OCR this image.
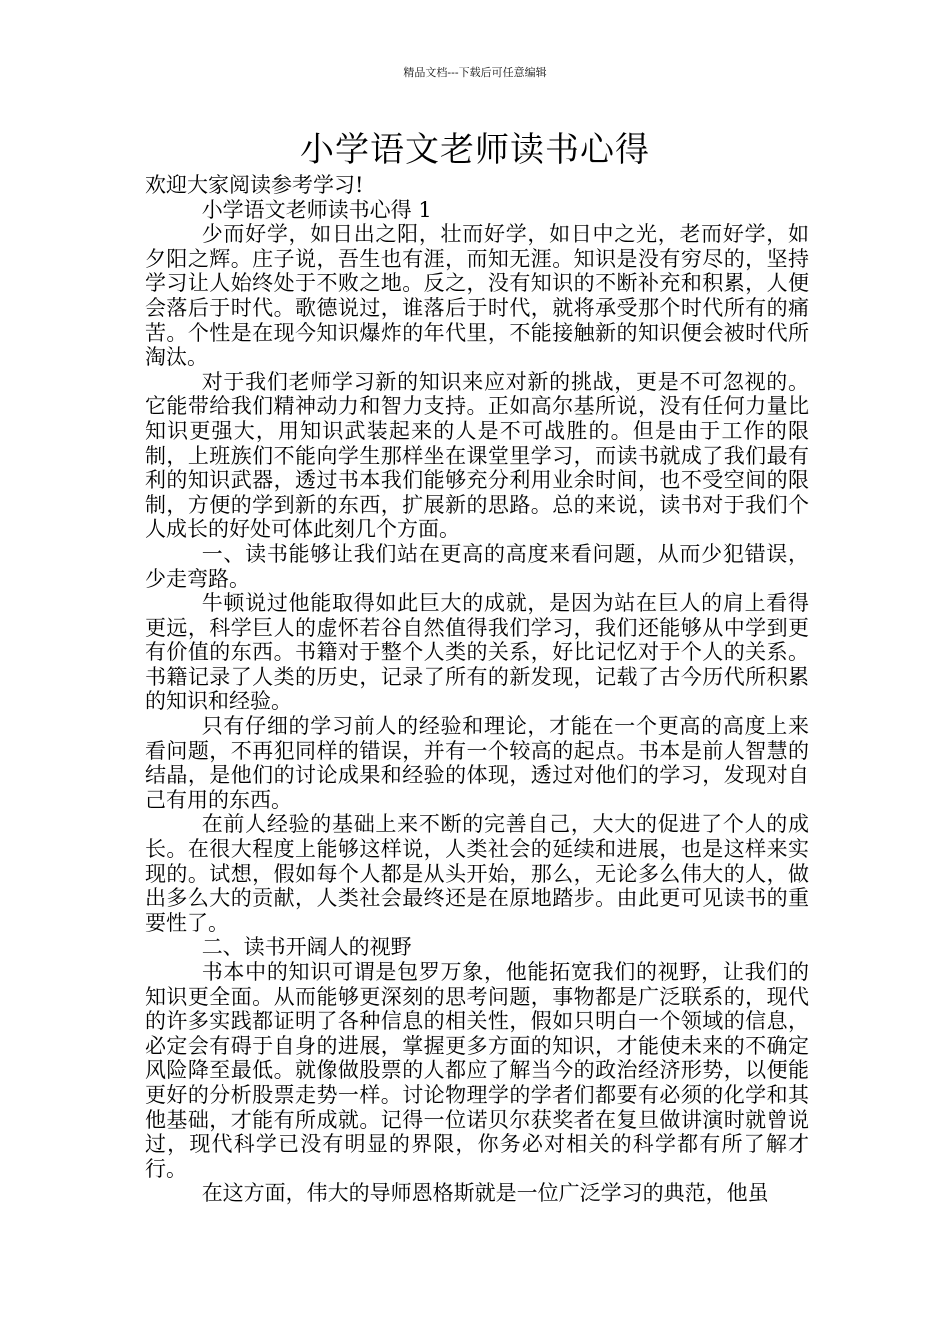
精品文档---下载后可任意编辑
小学语文老师读书心得

欢迎大家阅读参考学习!

小学语文老师读书心得 1

少而好学，如日出之阳，壮而好学，如日中之光，老而好学，如夕阳之辉。庄子说，吾生也有涯，而知无涯。知识是没有穷尽的，坚持学习让人始终处于不败之地。反之，没有知识的不断补充和积累，人便会落后于时代。歌德说过，谁落后于时代，就将承受那个时代所有的痛苦。个性是在现今知识爆炸的年代里，不能接触新的知识便会被时代所淘汰。

对于我们老师学习新的知识来应对新的挑战，更是不可忽视的。它能带给我们精神动力和智力支持。正如高尔基所说，没有任何力量比知识更强大，用知识武装起来的人是不可战胜的。但是由于工作的限制，上班族们不能向学生那样坐在课堂里学习，而读书就成了我们最有利的知识武器，透过书本我们能够充分利用业余时间，也不受空间的限制，方便的学到新的东西，扩展新的思路。总的来说，读书对于我们个人成长的好处可体此刻几个方面。

一、读书能够让我们站在更高的高度来看问题，从而少犯错误，少走弯路。

牛顿说过他能取得如此巨大的成就，是因为站在巨人的肩上看得更远，科学巨人的虚怀若谷自然值得我们学习，我们还能够从中学到更有价值的东西。书籍对于整个人类的关系，好比记忆对于个人的关系。书籍记录了人类的历史，记录了所有的新发现，记载了古今历代所积累的知识和经验。

只有仔细的学习前人的经验和理论，才能在一个更高的高度上来看问题，不再犯同样的错误，并有一个较高的起点。书本是前人智慧的结晶，是他们的讨论成果和经验的体现，透过对他们的学习，发现对自己有用的东西。

在前人经验的基础上来不断的完善自己，大大的促进了个人的成长。在很大程度上能够这样说，人类社会的延续和进展，也是这样来实现的。试想，假如每个人都是从头开始，那么，无论多么伟大的人，做出多么大的贡献，人类社会最终还是在原地踏步。由此更可见读书的重要性了。

二、读书开阔人的视野

书本中的知识可谓是包罗万象，他能拓宽我们的视野，让我们的知识更全面。从而能够更深刻的思考问题，事物都是广泛联系的，现代的许多实践都证明了各种信息的相关性，假如只明白一个领域的信息，必定会有碍于自身的进展，掌握更多方面的知识，才能使未来的不确定风险降至最低。就像做股票的人都应了解当今的政治经济形势，以便能更好的分析股票走势一样。讨论物理学的学者们都要有必须的化学和其他基础，才能有所成就。记得一位诺贝尔获奖者在复旦做讲演时就曾说过，现代科学已没有明显的界限，你务必对相关的科学都有所了解才行。

在这方面，伟大的导师恩格斯就是一位广泛学习的典范，他虽
